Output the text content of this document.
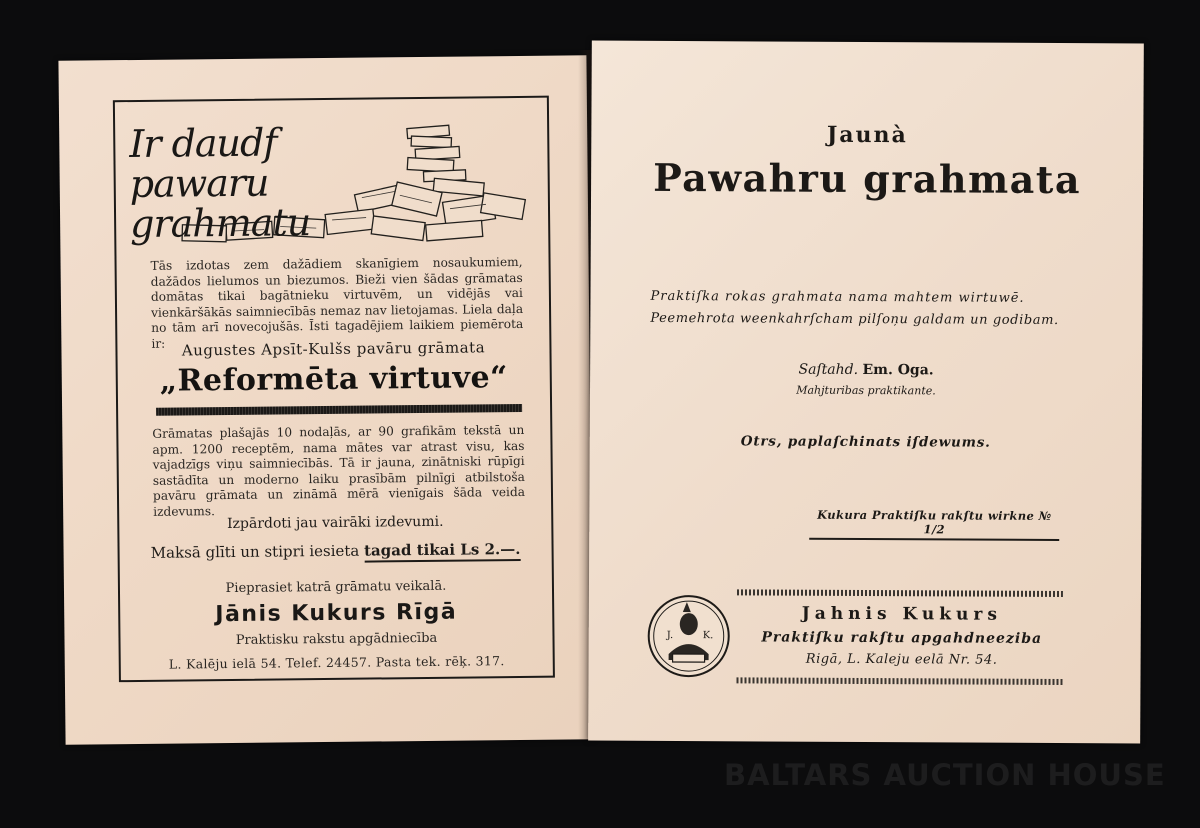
Ir daudf pawaru grahmatu
Tās izdotas zem dažādiem skanīgiem nosaukumiem, dažādos lielumos un biezumos. Bieži vien šādas grāmatas domātas tikai bagātnieku virtuvēm, un vidējās vai vienkāršākās saimniecībās nemaz nav lietojamas. Liela daļa no tām arī novecojušās. Īsti tagadējiem laikiem piemērota ir:	Augustes Apsīt-Kulšs pavāru grāmata
„Reformēta virtuve“
Grāmatas plašajās 10 nodaļās, ar 90 grafikām tekstā un apm. 1200 receptēm, nama mātes var atrast visu, kas vajadzīgs viņu saimniecībās. Tā ir jauna, zinātniski rūpīgi sastādīta un moderno laiku prasībām pilnīgi atbilstoša pavāru grāmata un zināmā mērā vienīgais šāda veida izdevums.
Izpārdoti jau vairāki izdevumi.
Maksā glīti un stipri iesieta tagad tikai Ls 2.—.
Pieprasiet katrā grāmatu veikalā.
Jānis Kukurs Rīgā
Praktisku rakstu apgādniecība
L. Kalēju ielā 54. Telef. 24457. Pasta tek. rēķ. 317.
Jaunà
Pawahru grahmata
Praktiſka rokas grahmata nama mahtem wirtuwē.
Peemehrota weenkahrſcham pilſoņu galdam un godibam.
Saſtahd. Em. Oga.
Mahjturibas praktikante.
Otrs, paplaſchinats iſdewums.
Kukura Praktiſku rakſtu wirkne № 1/2
J.	K.
Jahnis Kukurs
Praktiſku rakſtu apgahdneeziba
Rigā, L. Kaleju eelā Nr. 54.
BALTARS AUCTION HOUSE
